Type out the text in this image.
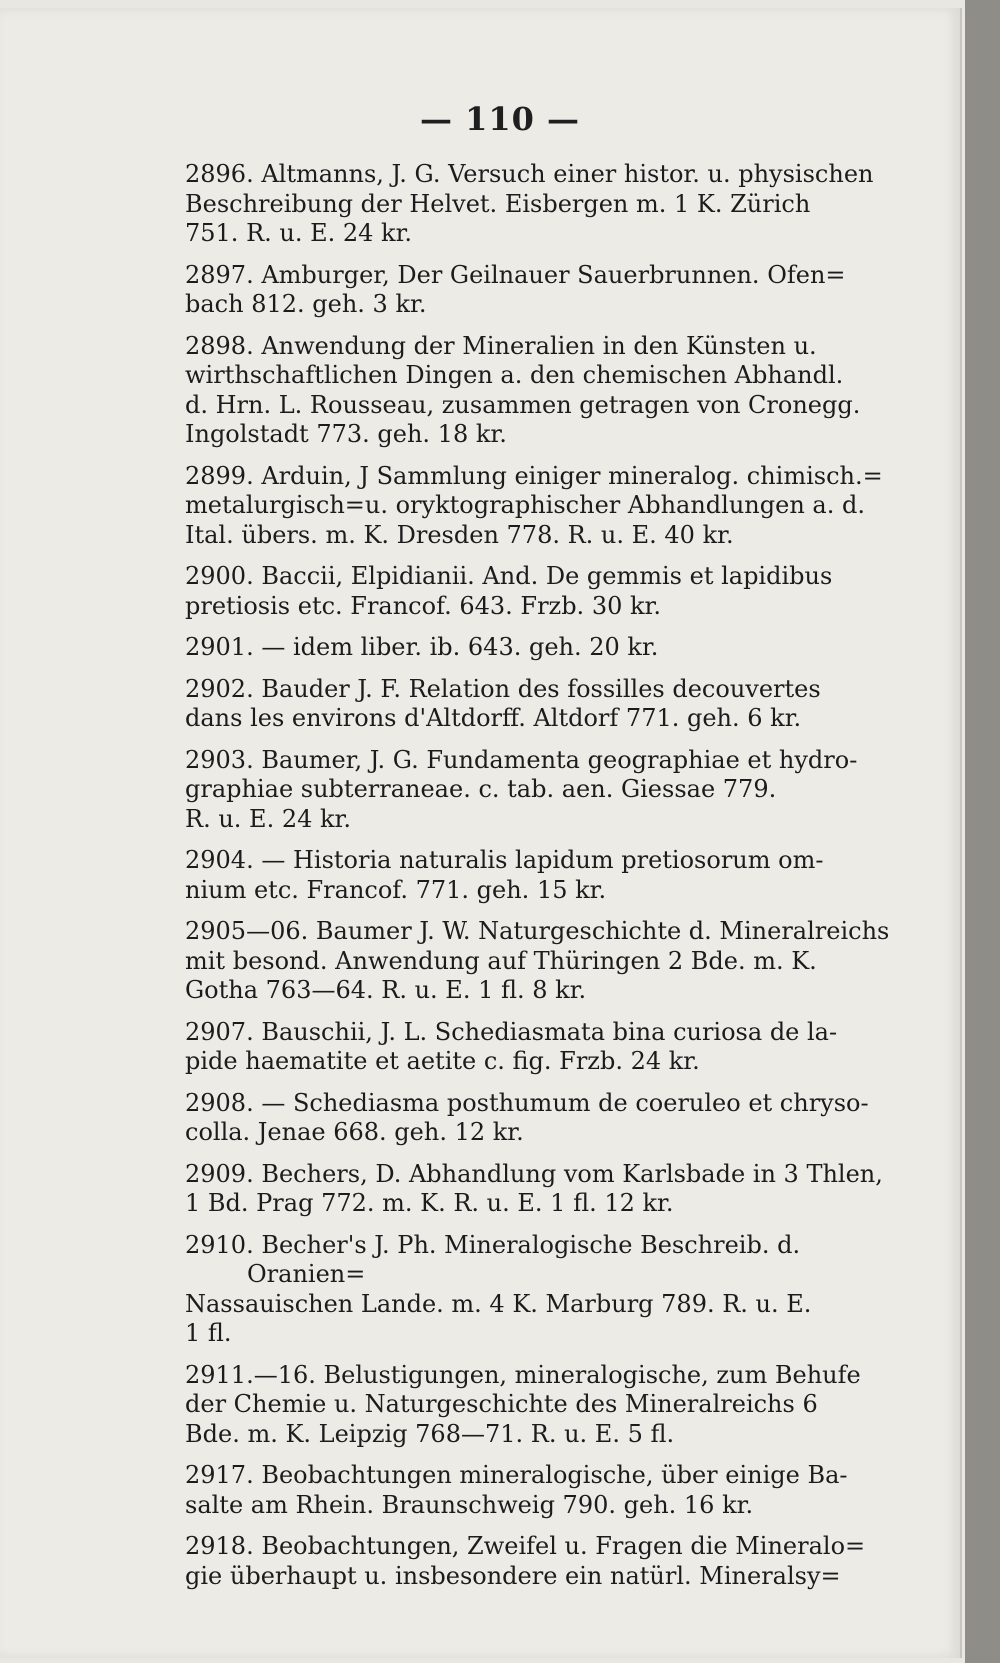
— 110 —
2896. Altmanns, J. G. Versuch einer histor. u. physischen
Beschreibung der Helvet. Eisbergen m. 1 K. Zürich
751. R. u. E. 24 kr.
2897. Amburger, Der Geilnauer Sauerbrunnen. Ofen=
bach 812. geh. 3 kr.
2898. Anwendung der Mineralien in den Künsten u.
wirthschaftlichen Dingen a. den chemischen Abhandl.
d. Hrn. L. Rousseau, zusammen getragen von Cronegg.
Ingolstadt 773. geh. 18 kr.
2899. Arduin, J Sammlung einiger mineralog. chimisch.=
metalurgisch=u. oryktographischer Abhandlungen a. d.
Ital. übers. m. K. Dresden 778. R. u. E. 40 kr.
2900. Baccii, Elpidianii. And. De gemmis et lapidibus
pretiosis etc. Francof. 643. Frzb. 30 kr.
2901. — idem liber. ib. 643. geh. 20 kr.
2902. Bauder J. F. Relation des fossilles decouvertes
dans les environs d'Altdorff. Altdorf 771. geh. 6 kr.
2903. Baumer, J. G. Fundamenta geographiae et hydro-
graphiae subterraneae. c. tab. aen. Giessae 779.
R. u. E. 24 kr.
2904. — Historia naturalis lapidum pretiosorum om-
nium etc. Francof. 771. geh. 15 kr.
2905—06. Baumer J. W. Naturgeschichte d. Mineralreichs
mit besond. Anwendung auf Thüringen 2 Bde. m. K.
Gotha 763—64. R. u. E. 1 fl. 8 kr.
2907. Bauschii, J. L. Schediasmata bina curiosa de la-
pide haematite et aetite c. fig. Frzb. 24 kr.
2908. — Schediasma posthumum de coeruleo et chryso-
colla. Jenae 668. geh. 12 kr.
2909. Bechers, D. Abhandlung vom Karlsbade in 3 Thlen,
1 Bd. Prag 772. m. K. R. u. E. 1 fl. 12 kr.
2910. Becher's J. Ph. Mineralogische Beschreib. d. Oranien=
Nassauischen Lande. m. 4 K. Marburg 789. R. u. E.
1 fl.
2911.—16. Belustigungen, mineralogische, zum Behufe
der Chemie u. Naturgeschichte des Mineralreichs 6
Bde. m. K. Leipzig 768—71. R. u. E. 5 fl.
2917. Beobachtungen mineralogische, über einige Ba-
salte am Rhein. Braunschweig 790. geh. 16 kr.
2918. Beobachtungen, Zweifel u. Fragen die Mineralo=
gie überhaupt u. insbesondere ein natürl. Mineralsy=
